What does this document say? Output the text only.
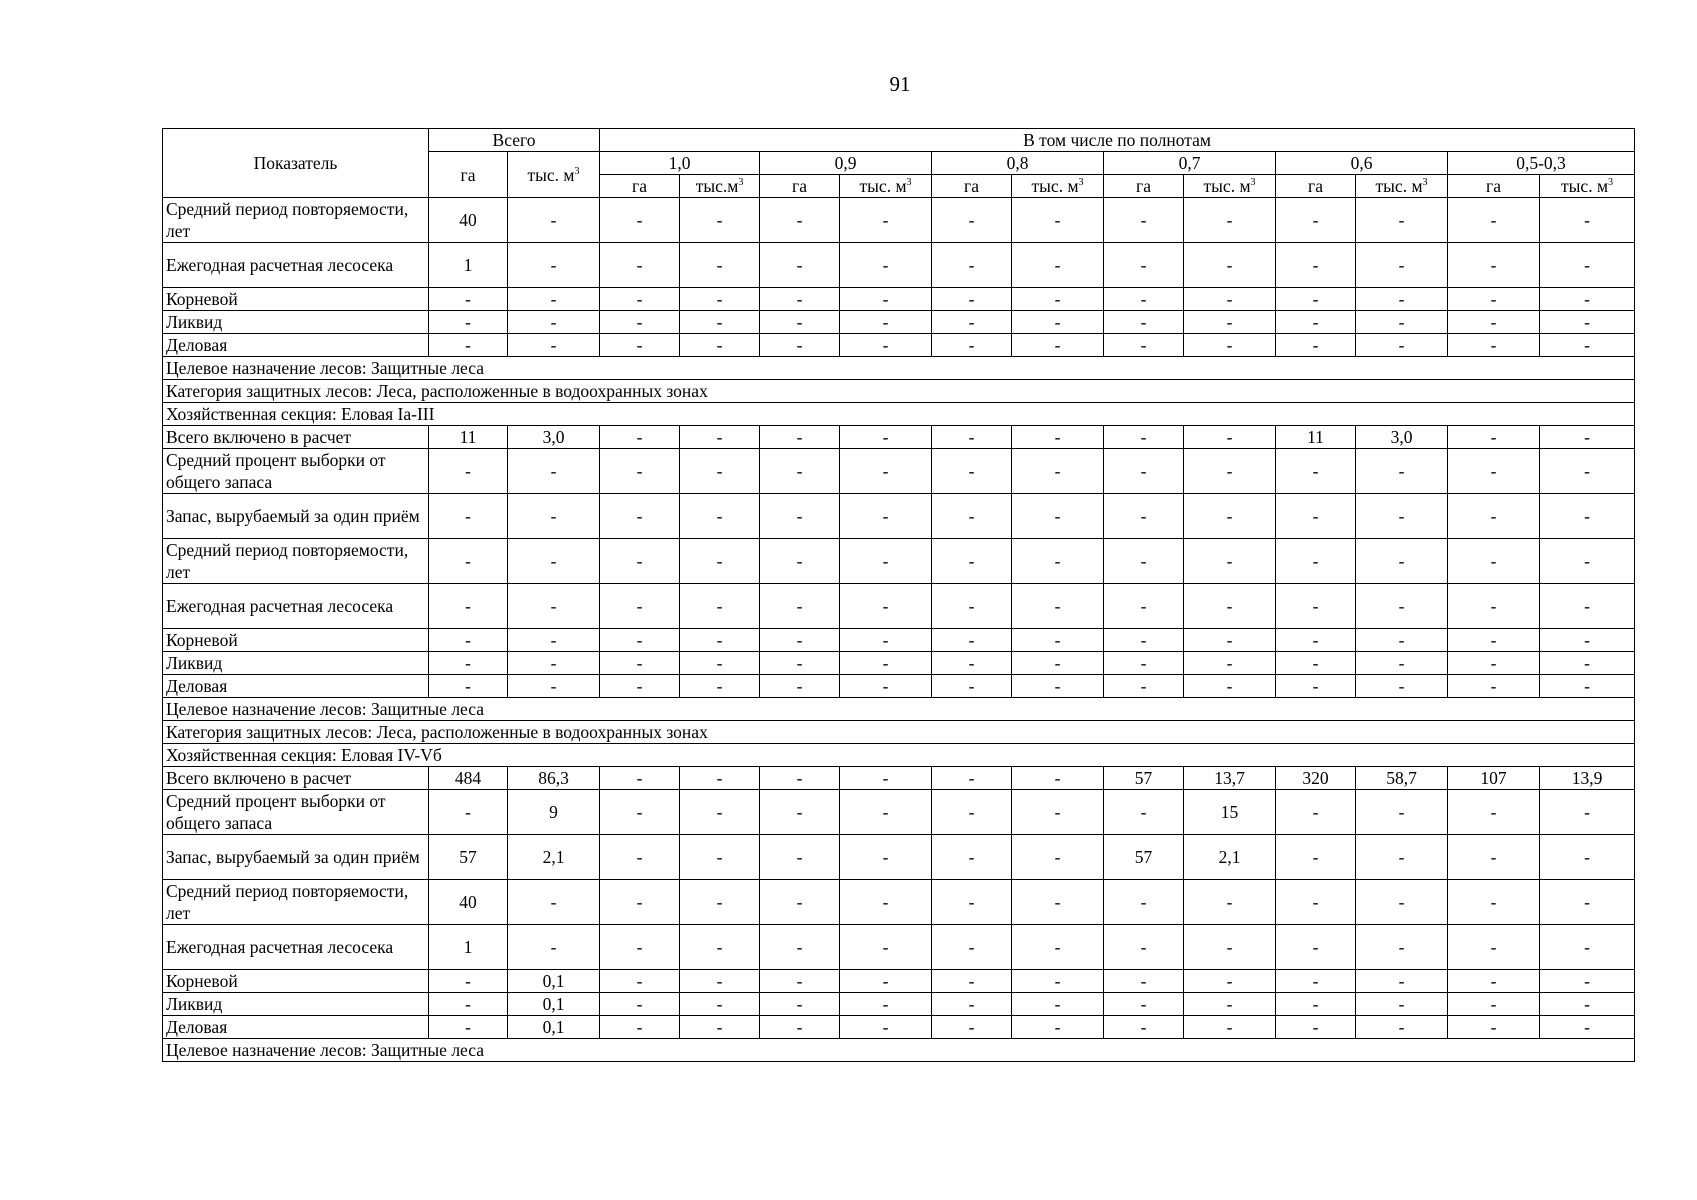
91
Показатель	Всего		В том числе по полнотам											
	га	тыс. $м^3$	1,0		0,9		0,8		0,7		0,6		0,5-0,3	
			га	$тыс.м^3$	га	тыс. $м^3$	га	тыс. $м^3$	га	тыс. $м^3$	га	тыс. $м^3$	га	тыс. $м^3$
Средний период повторяемости, лет	40	-	-	-	-	-	-	-	-	-	-	-	-	-
Ежегодная расчетная лесосека	1	-	-	-	-	-	-	-	-	-	-	-	-	-
Корневой	-	-	-	-	-	-	-	-	-	-	-	-	-	-
Ликвид	-	-	-	-	-	-	-	-	-	-	-	-	-	-
Деловая	-	-	-	-	-	-	-	-	-	-	-	-	-	-
Целевое назначение лесов: Защитные леса														
Категория защитных лесов: Леса, расположенные в водоохранных зонах														
Хозяйственная секция: Еловая Ia-III														
Всего включено в расчет	11	3,0	-	-	-	-	-	-	-	-	11	3,0	-	-
Средний процент выборки от общего запаса	-	-	-	-	-	-	-	-	-	-	-	-	-	-
Запас, вырубаемый за один приём	-	-	-	-	-	-	-	-	-	-	-	-	-	-
Средний период повторяемости, лет	-	-	-	-	-	-	-	-	-	-	-	-	-	-
Ежегодная расчетная лесосека	-	-	-	-	-	-	-	-	-	-	-	-	-	-
Корневой	-	-	-	-	-	-	-	-	-	-	-	-	-	-
Ликвид	-	-	-	-	-	-	-	-	-	-	-	-	-	-
Деловая	-	-	-	-	-	-	-	-	-	-	-	-	-	-
Целевое назначение лесов: Защитные леса														
Категория защитных лесов: Леса, расположенные в водоохранных зонах														
Хозяйственная секция: Еловая IV-Vб														
Всего включено в расчет	484	86,3	-	-	-	-	-	-	57	13,7	320	58,7	107	13,9
Средний процент выборки от общего запаса	-	9	-	-	-	-	-	-	-	15	-	-	-	-
Запас, вырубаемый за один приём	57	2,1	-	-	-	-	-	-	57	2,1	-	-	-	-
Средний период повторяемости, лет	40	-	-	-	-	-	-	-	-	-	-	-	-	-
Ежегодная расчетная лесосека	1	-	-	-	-	-	-	-	-	-	-	-	-	-
Корневой	-	0,1	-	-	-	-	-	-	-	-	-	-	-	-
Ликвид	-	0,1	-	-	-	-	-	-	-	-	-	-	-	-
Деловая	-	0,1	-	-	-	-	-	-	-	-	-	-	-	-
Целевое назначение лесов: Защитные леса														
